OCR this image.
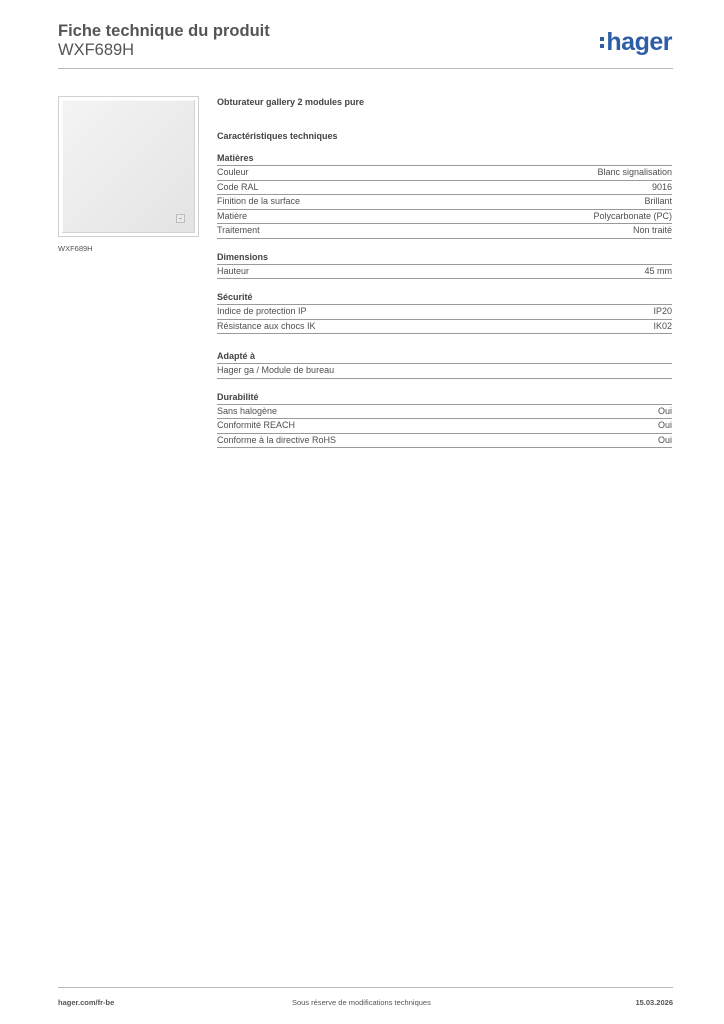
Fiche technique du produit
WXF689H	hager
WXF689H
Obturateur gallery 2 modules pure
Caractéristiques techniques
Matières
Couleur	Blanc signalisation
Code RAL	9016
Finition de la surface	Brillant
Matière	Polycarbonate (PC)
Traitement	Non traité
Dimensions
Hauteur	45 mm
Sécurité
Indice de protection IP	IP20
Résistance aux chocs IK	IK02
Adapté à
Hager ga / Module de bureau
Durabilité
Sans halogène	Oui
Conformité REACH	Oui
Conforme à la directive RoHS	Oui
hager.com/fr-be	Sous réserve de modifications techniques	15.03.2026
